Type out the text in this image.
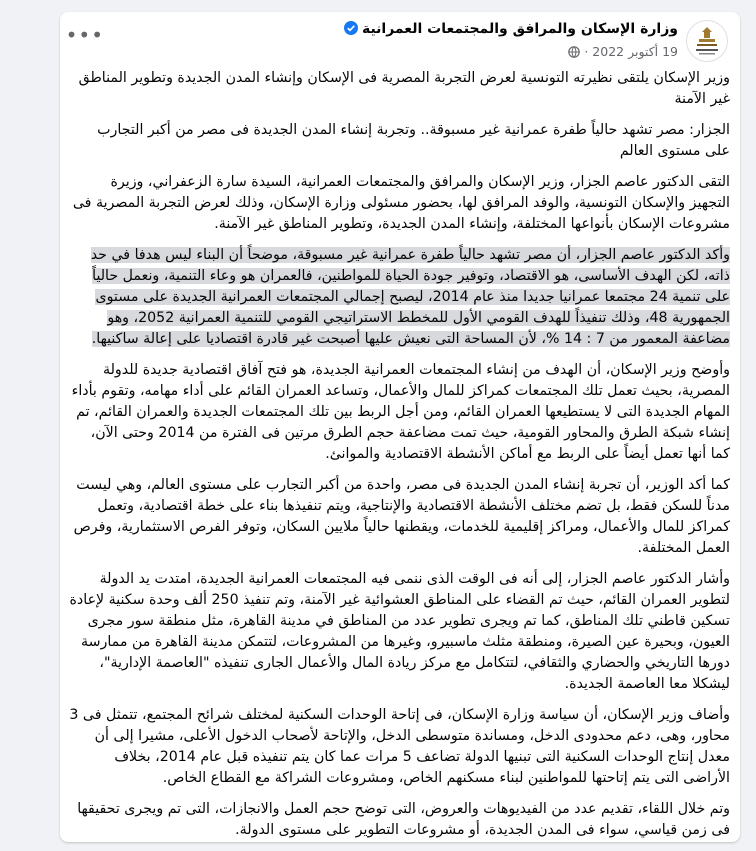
وزارة الإسكان والمرافق والمجتمعات العمرانية
19 أكتوبر 2022 ·
•••

وزير الإسكان يلتقى نظيرته التونسية لعرض التجربة المصرية فى الإسكان وإنشاء المدن الجديدة وتطوير المناطق غير الآمنة

الجزار: مصر تشهد حالياً طفرة عمرانية غير مسبوقة.. وتجربة إنشاء المدن الجديدة فى مصر من أكبر التجارب على مستوى العالم

التقى الدكتور عاصم الجزار، وزير الإسكان والمرافق والمجتمعات العمرانية، السيدة سارة الزعفراني، وزيرة التجهيز والإسكان التونسية، والوفد المرافق لها، بحضور مسئولى وزارة الإسكان، وذلك لعرض التجربة المصرية فى مشروعات الإسكان بأنواعها المختلفة، وإنشاء المدن الجديدة، وتطوير المناطق غير الآمنة.

وأكد الدكتور عاصم الجزار، أن مصر تشهد حالياً طفرة عمرانية غير مسبوقة، موضحاً أن البناء ليس هدفا في حد ذاته، لكن الهدف الأساسى، هو الاقتصاد، وتوفير جودة الحياة للمواطنين، فالعمران هو وعاء التنمية، ونعمل حالياً على تنمية 24 مجتمعا عمرانيا جديدا منذ عام 2014، ليصبح إجمالي المجتمعات العمرانية الجديدة على مستوى الجمهورية 48، وذلك تنفيذاً للهدف القومي الأول للمخطط الاستراتيجي القومي للتنمية العمرانية 2052، وهو مضاعفة المعمور من 7 : 14 %، لأن المساحة التى نعيش عليها أصبحت غير قادرة اقتصاديا على إعالة ساكنيها.

وأوضح وزير الإسكان، أن الهدف من إنشاء المجتمعات العمرانية الجديدة، هو فتح آفاق اقتصادية جديدة للدولة المصرية، بحيث تعمل تلك المجتمعات كمراكز للمال والأعمال، وتساعد العمران القائم على أداء مهامه، وتقوم بأداء المهام الجديدة التى لا يستطيعها العمران القائم، ومن أجل الربط بين تلك المجتمعات الجديدة والعمران القائم، تم إنشاء شبكة الطرق والمحاور القومية، حيث تمت مضاعفة حجم الطرق مرتين فى الفترة من 2014 وحتى الآن، كما أنها تعمل أيضاً على الربط مع أماكن الأنشطة الاقتصادية والموانئ.

كما أكد الوزير، أن تجربة إنشاء المدن الجديدة فى مصر، واحدة من أكبر التجارب على مستوى العالم، وهي ليست مدناً للسكن فقط، بل تضم مختلف الأنشطة الاقتصادية والإنتاجية، ويتم تنفيذها بناء على خطة اقتصادية، وتعمل كمراكز للمال والأعمال، ومراكز إقليمية للخدمات، ويقطنها حالياً ملايين السكان، وتوفر الفرص الاستثمارية، وفرص العمل المختلفة.

وأشار الدكتور عاصم الجزار، إلى أنه فى الوقت الذى ننمى فيه المجتمعات العمرانية الجديدة، امتدت يد الدولة لتطوير العمران القائم، حيث تم القضاء على المناطق العشوائية غير الآمنة، وتم تنفيذ 250 ألف وحدة سكنية لإعادة تسكين قاطني تلك المناطق، كما تم ويجرى تطوير عدد من المناطق في مدينة القاهرة، مثل منطقة سور مجرى العيون، وبحيرة عين الصيرة، ومنطقة مثلث ماسبيرو، وغيرها من المشروعات، لتتمكن مدينة القاهرة من ممارسة دورها التاريخي والحضاري والثقافي، لتتكامل مع مركز ريادة المال والأعمال الجارى تنفيذه "العاصمة الإدارية"، ليشكلا معا العاصمة الجديدة.

وأضاف وزير الإسكان، أن سياسة وزارة الإسكان، فى إتاحة الوحدات السكنية لمختلف شرائح المجتمع، تتمثل فى 3 محاور، وهى، دعم محدودى الدخل، ومساندة متوسطى الدخل، والإتاحة لأصحاب الدخول الأعلى، مشيرا إلى أن معدل إنتاج الوحدات السكنية التى تبنيها الدولة تضاعف 5 مرات عما كان يتم تنفيذه قبل عام 2014، بخلاف الأراضى التى يتم إتاحتها للمواطنين لبناء مسكنهم الخاص، ومشروعات الشراكة مع القطاع الخاص.

وتم خلال اللقاء، تقديم عدد من الفيديوهات والعروض، التى توضح حجم العمل والانجازات، التى تم ويجرى تحقيقها فى زمن قياسي، سواء فى المدن الجديدة، أو مشروعات التطوير على مستوى الدولة.
